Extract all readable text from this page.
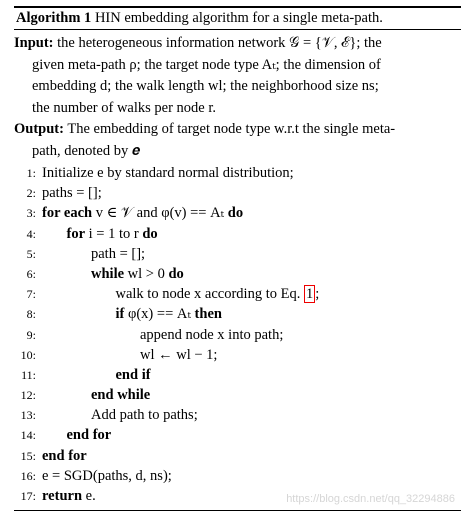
Algorithm 1 HIN embedding algorithm for a single meta-path.
Input: the heterogeneous information network 𝒢 = {𝒱, ℰ}; the
given meta-path ρ; the target node type Aₜ; the dimension of
embedding d; the walk length wl; the neighborhood size ns;
the number of walks per node r.
Output: The embedding of target node type w.r.t the single meta-
path, denoted by 𝒆
1: Initialize e by standard normal distribution;
2: paths = [];
3: for each v ∈ 𝒱 and φ(v) == Aₜ do
4: for i = 1 to r do
5:	path = [];
6:	while wl > 0 do
7:	walk to node x according to Eq. 1 ;
8:	if φ(x) == Aₜ then
9:	append node x into path;
10:	wl ← wl − 1;
11:	end if
12:	end while
13:	Add path to paths;
14: end for
15: end for
16: e = SGD(paths, d, ns);
17: return e.	https://blog.csdn.net/qq_32294886
